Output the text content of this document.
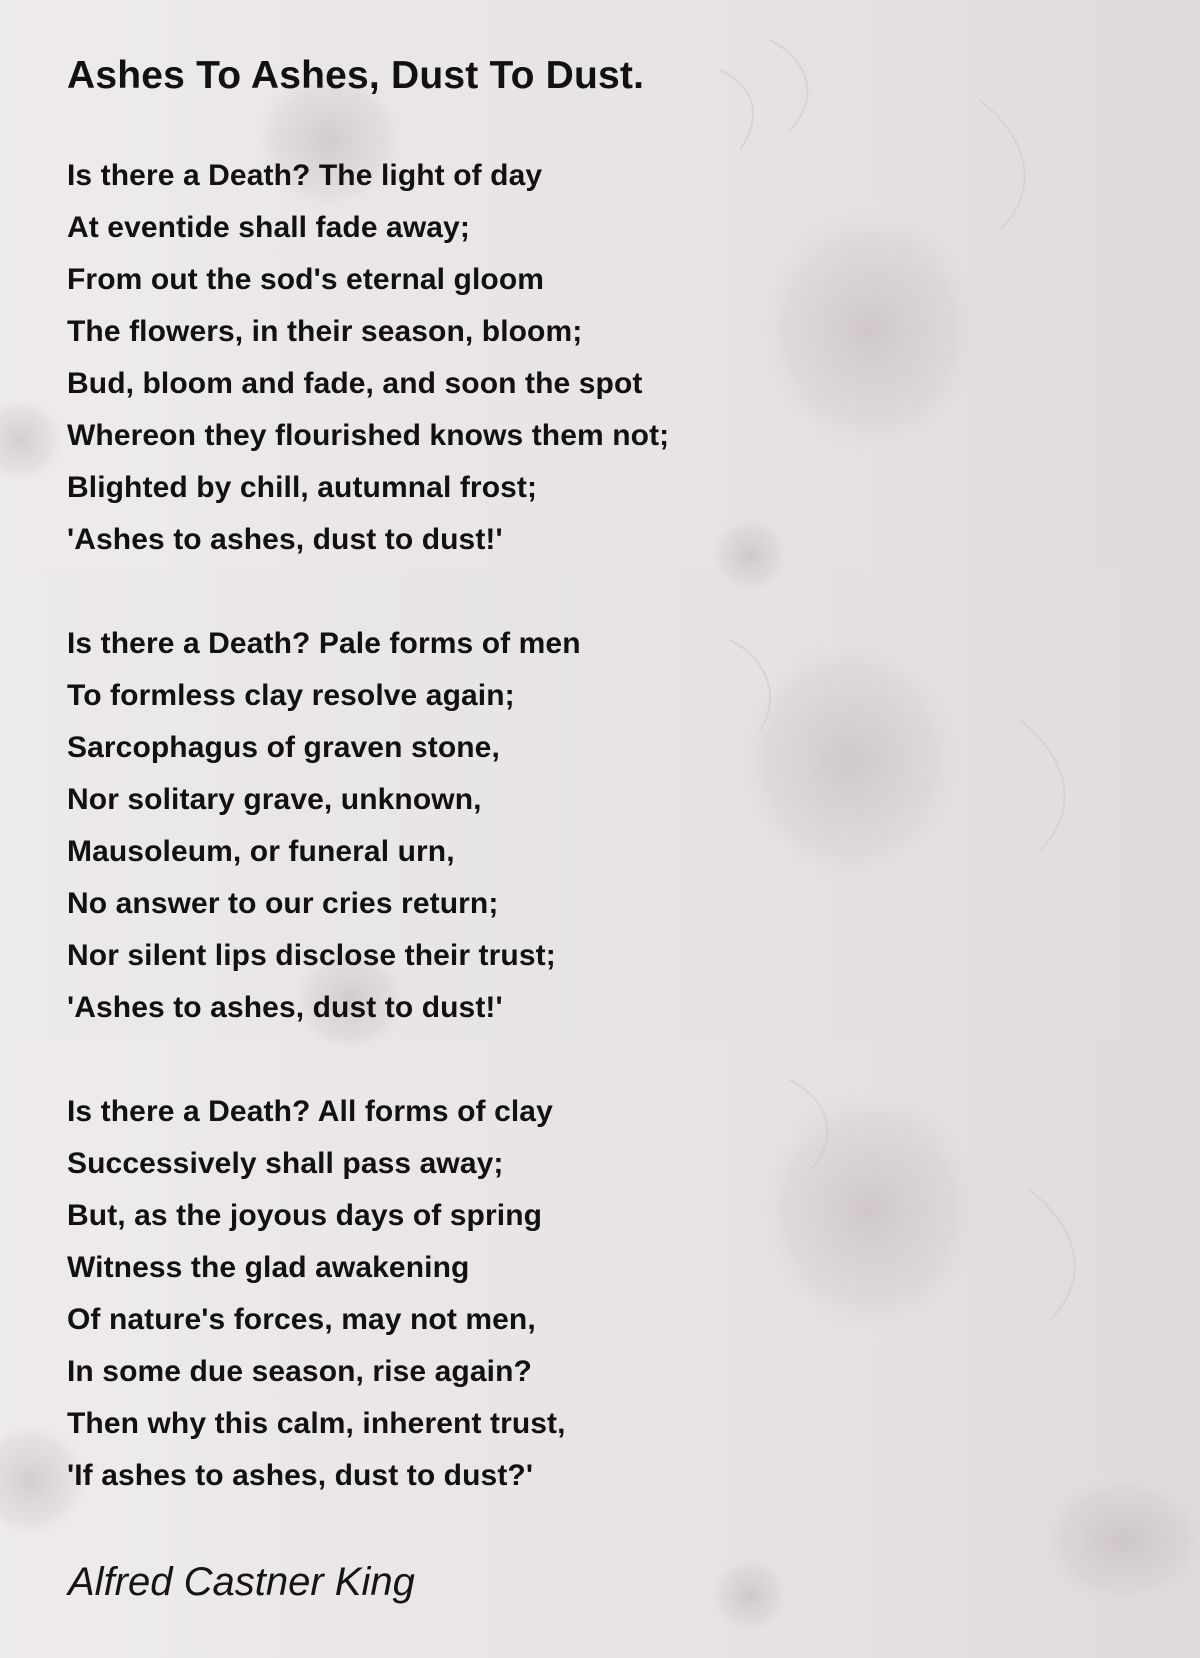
Ashes To Ashes, Dust To Dust.
Is there a Death? The light of day
At eventide shall fade away;
From out the sod's eternal gloom
The flowers, in their season, bloom;
Bud, bloom and fade, and soon the spot
Whereon they flourished knows them not;
Blighted by chill, autumnal frost;
'Ashes to ashes, dust to dust!'
Is there a Death? Pale forms of men
To formless clay resolve again;
Sarcophagus of graven stone,
Nor solitary grave, unknown,
Mausoleum, or funeral urn,
No answer to our cries return;
Nor silent lips disclose their trust;
'Ashes to ashes, dust to dust!'
Is there a Death? All forms of clay
Successively shall pass away;
But, as the joyous days of spring
Witness the glad awakening
Of nature's forces, may not men,
In some due season, rise again?
Then why this calm, inherent trust,
'If ashes to ashes, dust to dust?'
Alfred Castner King
